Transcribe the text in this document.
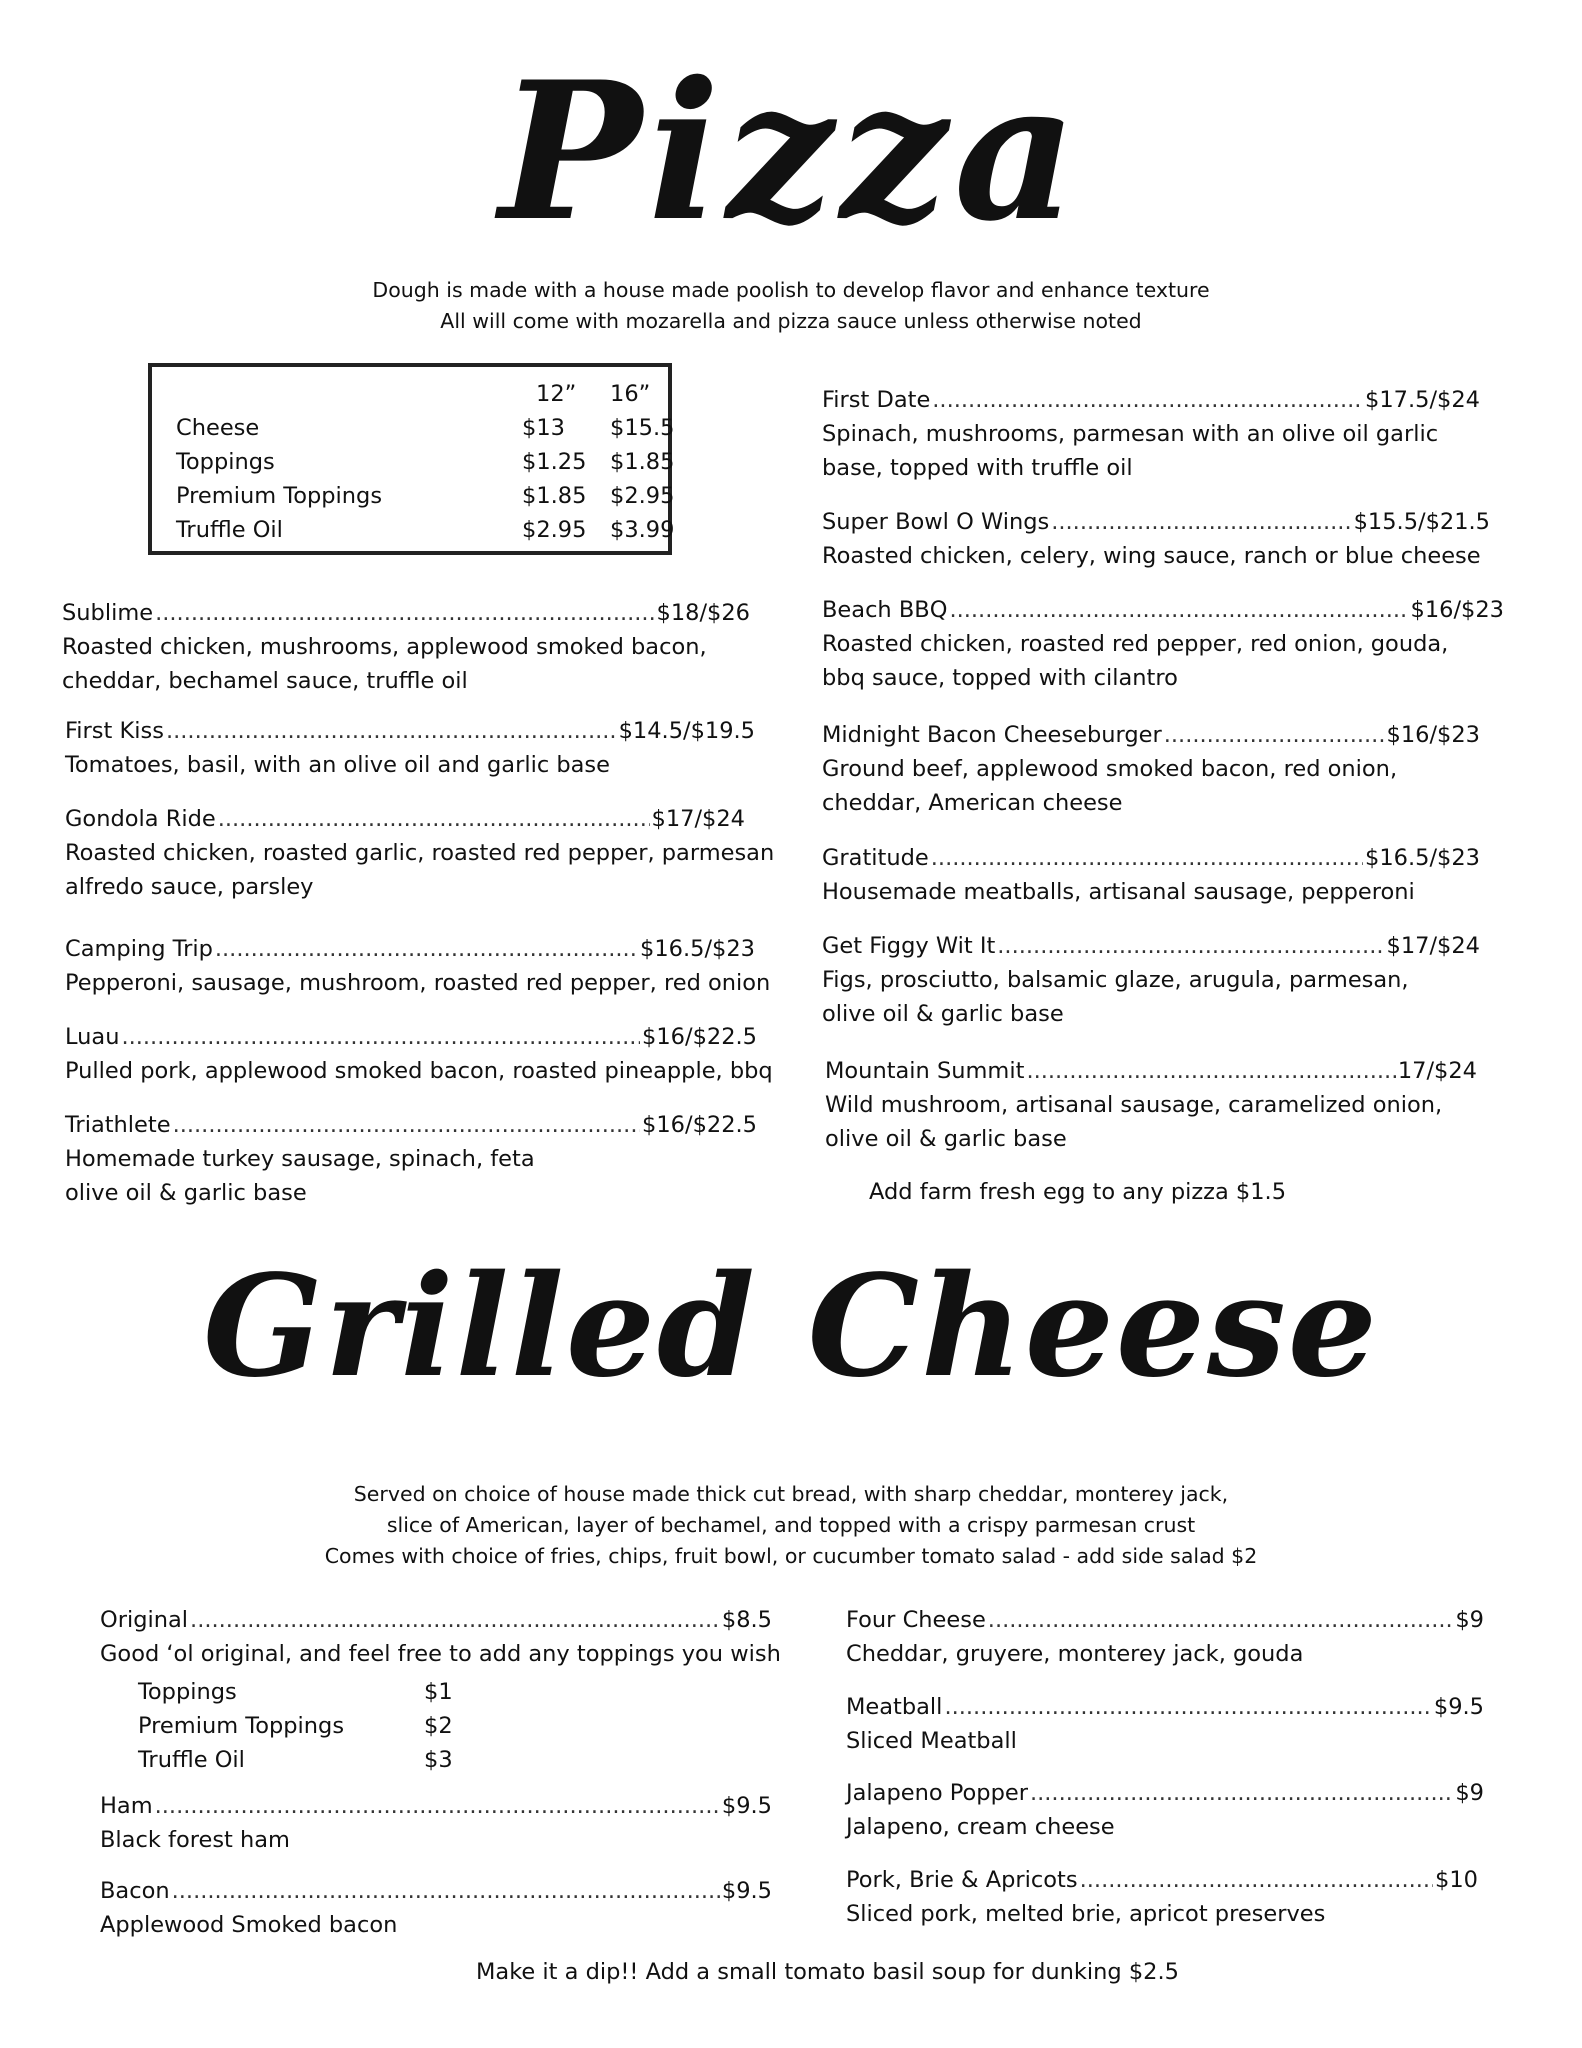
Pizza
Dough is made with a house made poolish to develop flavor and enhance texture
All will come with mozarella and pizza sauce unless otherwise noted
12” 16”
Cheese	$13 $15.5
Toppings	$1.25 $1.85
Premium Toppings	$1.85 $2.95
Truffle Oil	$2.95 $3.99
Sublime .....	$18/$26
Roasted chicken, mushrooms, applewood smoked bacon, cheddar, bechamel sauce, truffle oil
First Kiss .....	$14.5/$19.5
Tomatoes, basil, with an olive oil and garlic base
Gondola Ride .....	$17/$24
Roasted chicken, roasted garlic, roasted red pepper, parmesan alfredo sauce, parsley
Camping Trip .....	$16.5/$23
Pepperoni, sausage, mushroom, roasted red pepper, red onion
Luau .....	$16/$22.5
Pulled pork, applewood smoked bacon, roasted pineapple, bbq
Triathlete .....	$16/$22.5
Homemade turkey sausage, spinach, feta olive oil & garlic base
First Date .....	$17.5/$24
Spinach, mushrooms, parmesan with an olive oil garlic base, topped with truffle oil
Super Bowl O Wings .....	$15.5/$21.5
Roasted chicken, celery, wing sauce, ranch or blue cheese
Beach BBQ .....	$16/$23
Roasted chicken, roasted red pepper, red onion, gouda, bbq sauce, topped with cilantro
Midnight Bacon Cheeseburger .....	$16/$23
Ground beef, applewood smoked bacon, red onion, cheddar, American cheese
Gratitude .....	$16.5/$23
Housemade meatballs, artisanal sausage, pepperoni
Get Figgy Wit It .....	$17/$24
Figs, prosciutto, balsamic glaze, arugula, parmesan, olive oil & garlic base
Mountain Summit .....	17/$24
Wild mushroom, artisanal sausage, caramelized onion, olive oil & garlic base
Add farm fresh egg to any pizza $1.5
Grilled Cheese
Served on choice of house made thick cut bread, with sharp cheddar, monterey jack,
slice of American, layer of bechamel, and topped with a crispy parmesan crust
Comes with choice of fries, chips, fruit bowl, or cucumber tomato salad - add side salad $2
Original .....	$8.5
Good ‘ol original, and feel free to add any toppings you wish
Toppings	$1
Premium Toppings	$2
Truffle Oil	$3
Ham .....	$9.5
Black forest ham
Bacon .....	$9.5
Applewood Smoked bacon
Four Cheese .....	$9
Cheddar, gruyere, monterey jack, gouda
Meatball .....	$9.5
Sliced Meatball
Jalapeno Popper .....	$9
Jalapeno, cream cheese
Pork, Brie & Apricots .....	$10
Sliced pork, melted brie, apricot preserves
Make it a dip!! Add a small tomato basil soup for dunking $2.5
